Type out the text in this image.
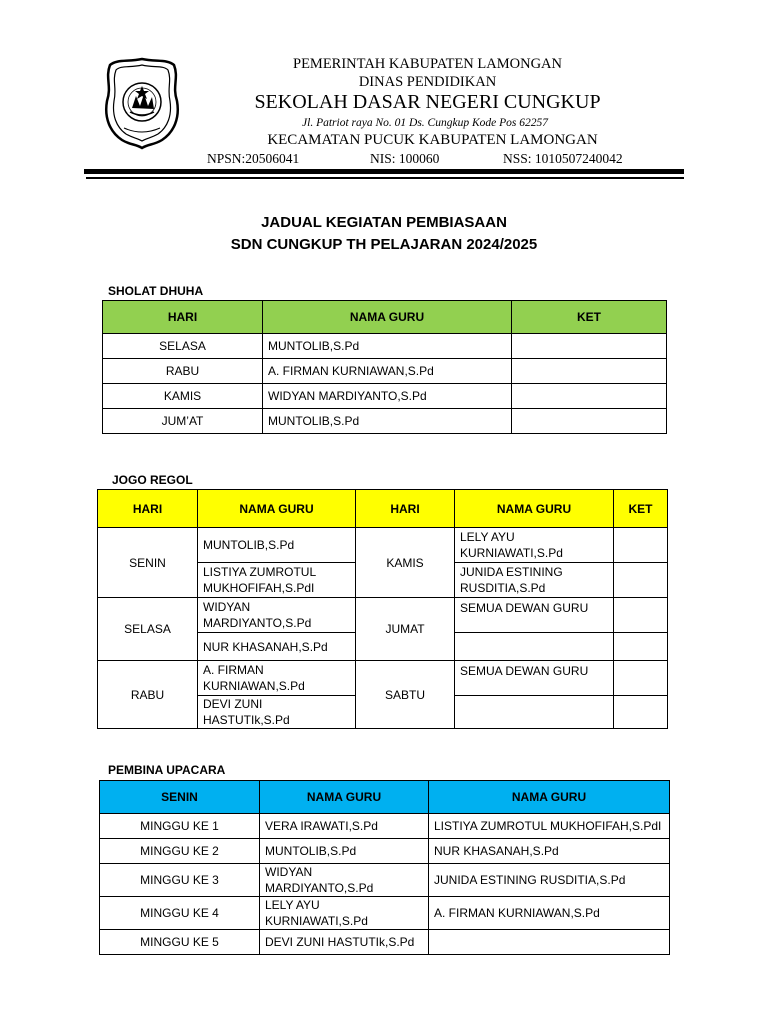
PEMERINTAH KABUPATEN LAMONGAN
DINAS PENDIDIKAN
SEKOLAH DASAR NEGERI CUNGKUP
Jl. Patriot raya No. 01 Ds. Cungkup Kode Pos 62257
KECAMATAN PUCUK KABUPATEN LAMONGAN
NPSN:20506041	NIS: 100060	NSS: 1010507240042
JADUAL KEGIATAN PEMBIASAAN
SDN CUNGKUP TH PELAJARAN 2024/2025
SHOLAT DHUHA
HARI	NAMA GURU	KET
SELASA	MUNTOLIB,S.Pd	
RABU	A. FIRMAN KURNIAWAN,S.Pd	
KAMIS	WIDYAN MARDIYANTO,S.Pd	
JUM’AT	MUNTOLIB,S.Pd	
JOGO REGOL
HARI	NAMA GURU	HARI	NAMA GURU	KET
SENIN	MUNTOLIB,S.Pd	KAMIS	LELY AYU KURNIAWATI,S.Pd	
	LISTIYA ZUMROTUL MUKHOFIFAH,S.PdI		JUNIDA ESTINING RUSDITIA,S.Pd	
SELASA	WIDYAN MARDIYANTO,S.Pd	JUMAT	SEMUA DEWAN GURU	
	NUR KHASANAH,S.Pd			
RABU	A. FIRMAN KURNIAWAN,S.Pd	SABTU	SEMUA DEWAN GURU	
	DEVI ZUNI HASTUTIk,S.Pd			
PEMBINA UPACARA
SENIN	NAMA GURU	NAMA GURU
MINGGU KE 1	VERA IRAWATI,S.Pd	LISTIYA ZUMROTUL MUKHOFIFAH,S.PdI
MINGGU KE 2	MUNTOLIB,S.Pd	NUR KHASANAH,S.Pd
MINGGU KE 3	WIDYAN MARDIYANTO,S.Pd	JUNIDA ESTINING RUSDITIA,S.Pd
MINGGU KE 4	LELY AYU KURNIAWATI,S.Pd	A. FIRMAN KURNIAWAN,S.Pd
MINGGU KE 5	DEVI ZUNI HASTUTIk,S.Pd	
